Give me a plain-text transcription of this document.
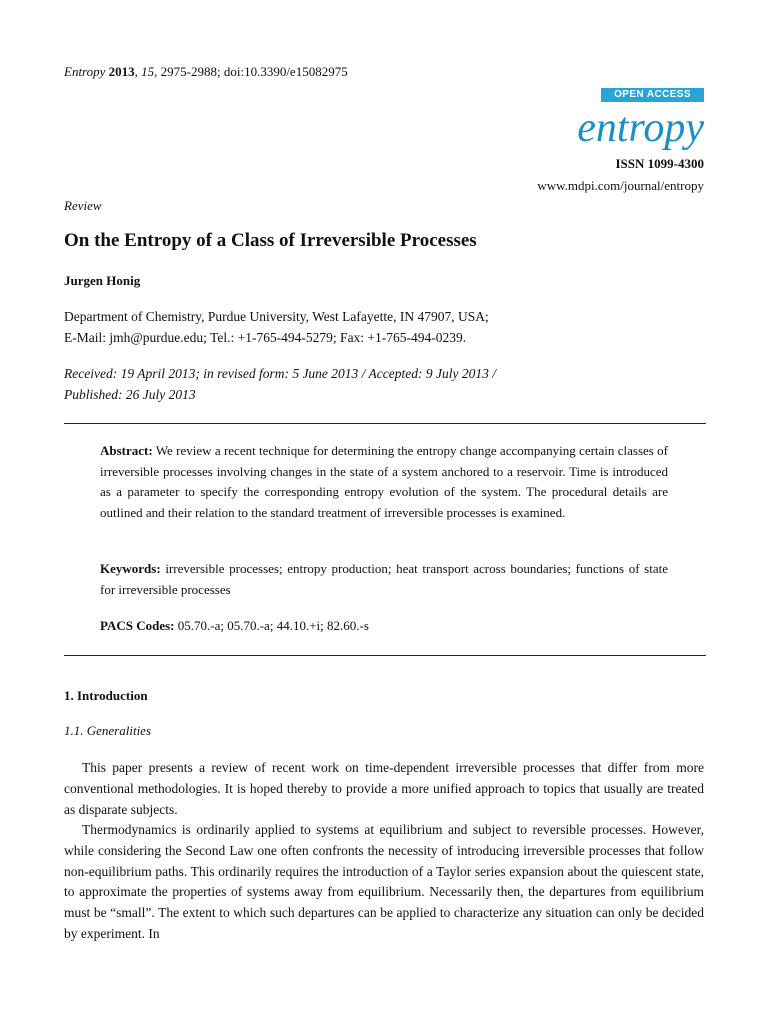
Entropy 2013, 15, 2975-2988; doi:10.3390/e15082975
OPEN ACCESS
entropy
ISSN 1099-4300
www.mdpi.com/journal/entropy
Review
On the Entropy of a Class of Irreversible Processes
Jurgen Honig
Department of Chemistry, Purdue University, West Lafayette, IN 47907, USA;
E-Mail: jmh@purdue.edu; Tel.: +1-765-494-5279; Fax: +1-765-494-0239.
Received: 19 April 2013; in revised form: 5 June 2013 / Accepted: 9 July 2013 /
Published: 26 July 2013

Abstract: We review a recent technique for determining the entropy change accompanying certain classes of irreversible processes involving changes in the state of a system anchored to a reservoir. Time is introduced as a parameter to specify the corresponding entropy evolution of the system. The procedural details are outlined and their relation to the standard treatment of irreversible processes is examined.

Keywords: irreversible processes; entropy production; heat transport across boundaries; functions of state for irreversible processes

PACS Codes: 05.70.-a; 05.70.-a; 44.10.+i; 82.60.-s

1. Introduction
1.1. Generalities

This paper presents a review of recent work on time-dependent irreversible processes that differ from more conventional methodologies. It is hoped thereby to provide a more unified approach to topics that usually are treated as disparate subjects.

Thermodynamics is ordinarily applied to systems at equilibrium and subject to reversible processes. However, while considering the Second Law one often confronts the necessity of introducing irreversible processes that follow non-equilibrium paths. This ordinarily requires the introduction of a Taylor series expansion about the quiescent state, to approximate the properties of systems away from equilibrium. Necessarily then, the departures from equilibrium must be “small”. The extent to which such departures can be applied to characterize any situation can only be decided by experiment. In
